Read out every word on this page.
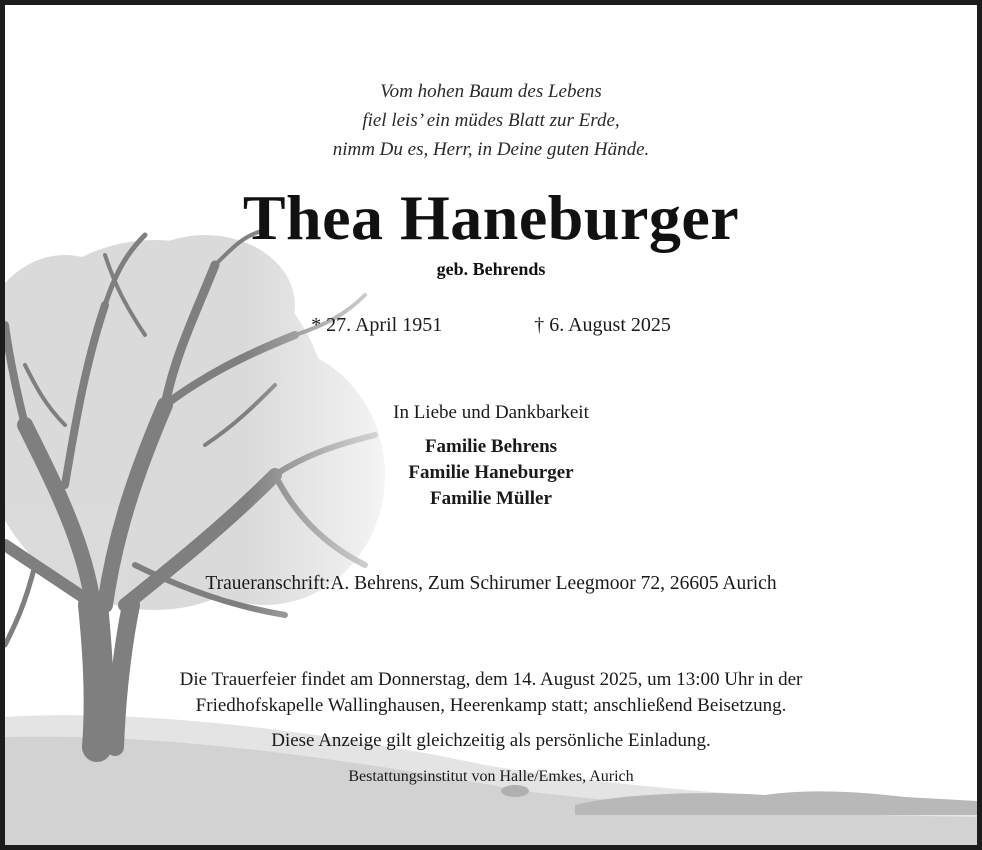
Vom hohen Baum des Lebens
fiel leis’ ein müdes Blatt zur Erde,
nimm Du es, Herr, in Deine guten Hände.
Thea Haneburger
geb. Behrends
* 27. April 1951	† 6. August 2025
In Liebe und Dankbarkeit
Familie Behrens
Familie Haneburger
Familie Müller
Traueranschrift:A. Behrens, Zum Schirumer Leegmoor 72, 26605 Aurich
Die Trauerfeier findet am Donnerstag, dem 14. August 2025, um 13:00 Uhr in der
Friedhofskapelle Wallinghausen, Heerenkamp statt; anschließend Beisetzung.
Diese Anzeige gilt gleichzeitig als persönliche Einladung.
Bestattungsinstitut von Halle/Emkes, Aurich
